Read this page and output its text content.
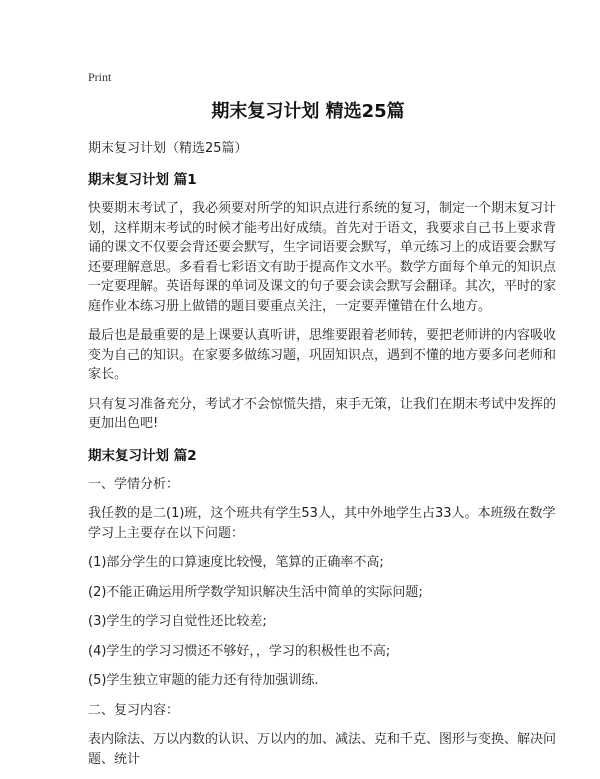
Print
期末复习计划 精选25篇
期末复习计划（精选25篇）
期末复习计划 篇1

快要期末考试了，我必须要对所学的知识点进行系统的复习，制定一个期末复习计
划，这样期末考试的时候才能考出好成绩。首先对于语文，我要求自己书上要求背
诵的课文不仅要会背还要会默写，生字词语要会默写，单元练习上的成语要会默写
还要理解意思。多看看七彩语文有助于提高作文水平。数学方面每个单元的知识点
一定要理解。英语每课的单词及课文的句子要会读会默写会翻译。其次，平时的家
庭作业本练习册上做错的题目要重点关注，一定要弄懂错在什么地方。

最后也是最重要的是上课要认真听讲，思维要跟着老师转，要把老师讲的内容吸收
变为自己的知识。在家要多做练习题，巩固知识点，遇到不懂的地方要多问老师和
家长。

只有复习准备充分，考试才不会惊慌失措，束手无策，让我们在期末考试中发挥的
更加出色吧!

期末复习计划 篇2

一、学情分析：

我任教的是二(1)班，这个班共有学生53人，其中外地学生占33人。本班级在数学
学习上主要存在以下问题：

(1)部分学生的口算速度比较慢，笔算的正确率不高;

(2)不能正确运用所学数学知识解决生活中简单的实际问题;

(3)学生的学习自觉性还比较差;

(4)学生的学习习惯还不够好，，学习的积极性也不高;

(5)学生独立审题的能力还有待加强训练.

二、复习内容：

表内除法、万以内数的认识、万以内的加、减法、克和千克、图形与变换、解决问
题、统计
